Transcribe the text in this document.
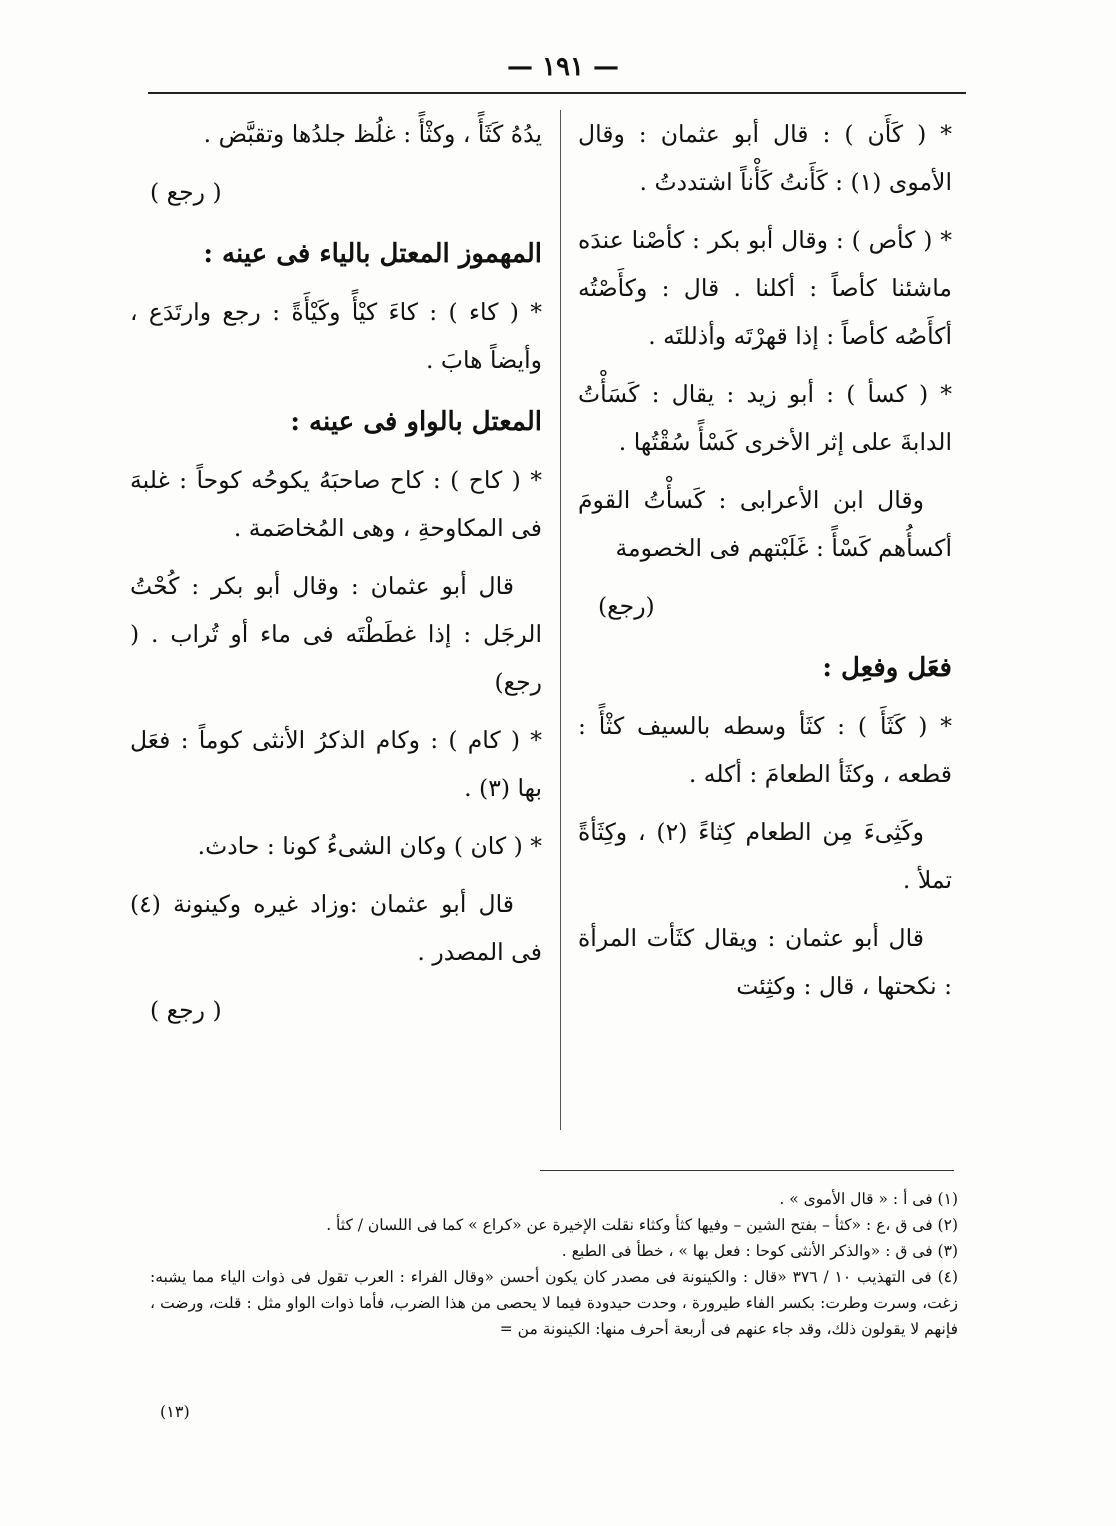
— ١٩١ —

* ( كَأَن ) : قال أبو عثمان : وقال الأموى (١) : كَأَنتُ كَأْناً اشتددتُ .

* ( كأص ) : وقال أبو بكر : كأصْنا عندَه ماشئنا كأصاً : أكلنا . قال : وكأَصْتُه أكأَصُه كأصاً : إذا قهرْتَه وأذللتَه .

* ( كسأ ) : أبو زيد : يقال : كَسَأْتُ الدابةَ على إثر الأخرى كَسْأً سُقْتُها .

وقال ابن الأعرابى : كَسأْتُ القومَ أكسأُهم كَسْأً : غَلَبْتهم فى الخصومة

(رجع)

فعَل وفعِل :

* ( كَثَأَ ) : كثَأ وسطه بالسيف كثْأً : قطعه ، وكثَأ الطعامَ : أكله .

وكَثِىءَ مِن الطعام كِثاءً (٢) ، وكِثَأةً تملأ .

قال أبو عثمان : ويقال كثَأت المرأة : نكحتها ، قال : وكثِئت

يدُهُ كَثَأً ، وكثْأً : غلُظ جلدُها وتقبَّض .

( رجع )

المهموز المعتل بالياء فى عينه :

* ( كاء ) : كاءَ كيْأً وكَيْأَةً : رجع وارتَدَع ، وأيضاً هابَ .

المعتل بالواو فى عينه :

* ( كاح ) : كاح صاحبَهُ يكوحُه كوحاً : غلبهَ فى المكاوحةِ ، وهى المُخاصَمة .

قال أبو عثمان : وقال أبو بكر : كُحْتُ الرجَل : إذا غطَطْتَه فى ماء أو تُراب . ( رجع)

* ( كام ) : وكام الذكرُ الأنثى كوماً : فعَل بها (٣) .

* ( كان ) وكان الشىءُ كونا : حادث.

قال أبو عثمان :وزاد غيره وكينونة (٤) فى المصدر .

( رجع )

(١) فى أ : « قال الأموى » .

(٢) فى ق ،ع : «كثأ – بفتح الشين – وفيها كثأ وكثاء نقلت الإخيرة عن «كراع » كما فى اللسان / كثأ .

(٣) فى ق : «والذكر الأنثى كوحا : فعل بها » ، خطأ فى الطبع .

(٤) فى التهذيب ١٠ / ٣٧٦ «قال : والكينونة فى مصدر كان يكون أحسن «وقال الفراء : العرب تقول فى ذوات الياء مما يشبه: زغت، وسرت وطرت: بكسر الفاء طيرورة ، وحدت حيدودة فيما لا يحصى من هذا الضرب، فأما ذوات الواو مثل : قلت، ورضت ، فإنهم لا يقولون ذلك، وقد جاء عنهم فى أربعة أحرف منها: الكينونة من =

(١٣)
